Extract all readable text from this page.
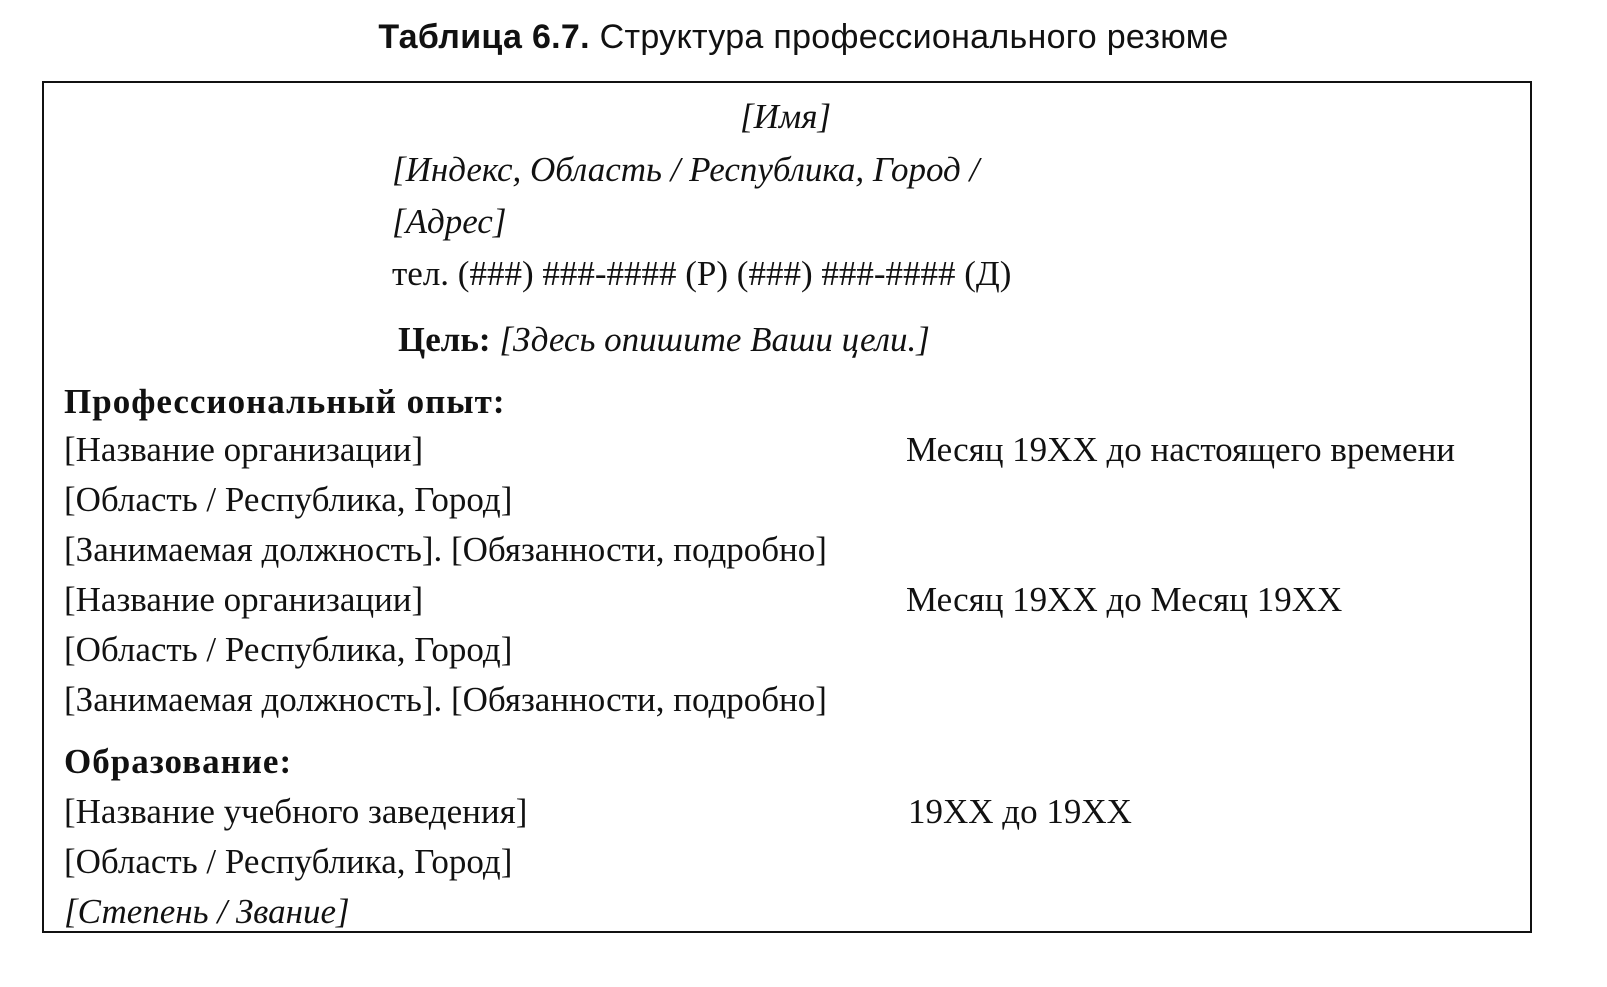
Таблица 6.7. Структура профессионального резюме
[Имя]
[Индекс, Область / Республика, Город /
[Адрес]
тел. (###) ###-#### (Р) (###) ###-#### (Д)
Цель: [Здесь опишите Ваши цели.]
Профессиональный опыт:
[Название организации]	Месяц 19XX до настоящего времени
[Область / Республика, Город]
[Занимаемая должность]. [Обязанности, подробно]
[Название организации]	Месяц 19XX до Месяц 19XX
[Область / Республика, Город]
[Занимаемая должность]. [Обязанности, подробно]
Образование:
[Название учебного заведения]	19XX до 19XX
[Область / Республика, Город]
[Степень / Звание]
